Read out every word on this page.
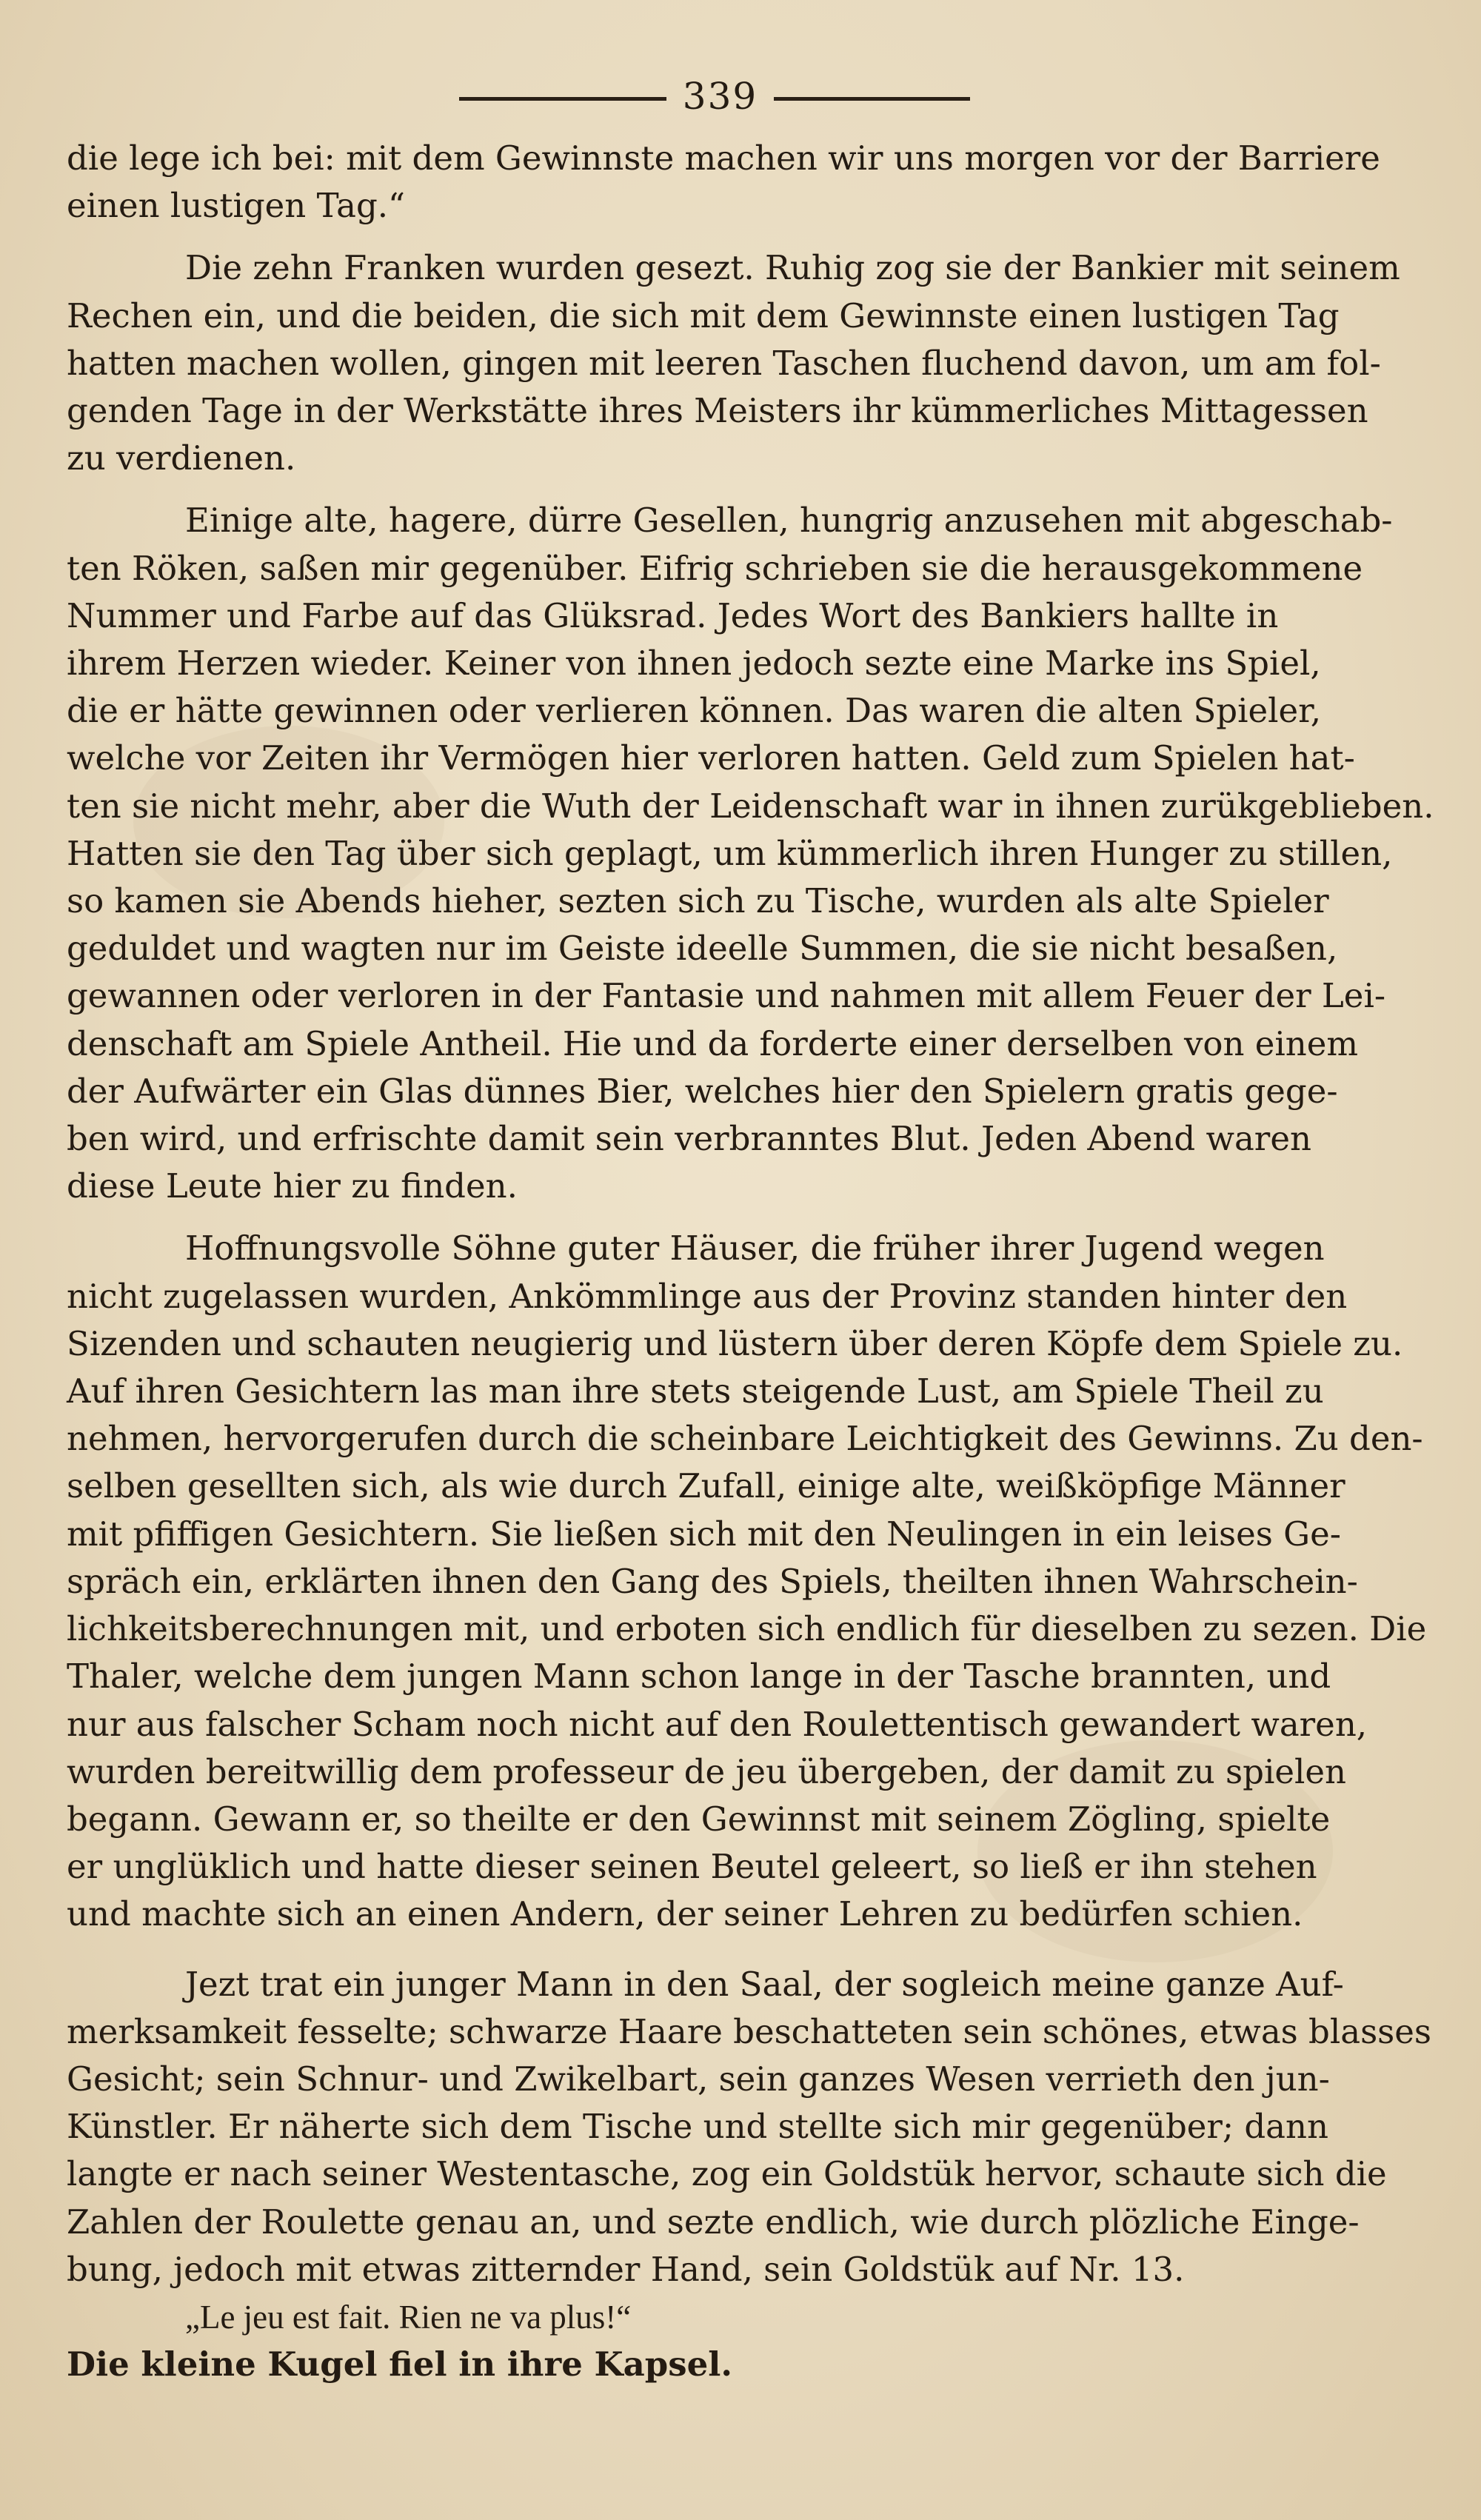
339

die lege ich bei: mit dem Gewinnste machen wir uns morgen vor der Barriere
einen lustigen Tag.“

Die zehn Franken wurden gesezt. Ruhig zog sie der Bankier mit seinem
Rechen ein, und die beiden, die sich mit dem Gewinnste einen lustigen Tag
hatten machen wollen, gingen mit leeren Taschen fluchend davon, um am fol-
genden Tage in der Werkstätte ihres Meisters ihr kümmerliches Mittagessen
zu verdienen.

Einige alte, hagere, dürre Gesellen, hungrig anzusehen mit abgeschab-
ten Röken, saßen mir gegenüber. Eifrig schrieben sie die herausgekommene
Nummer und Farbe auf das Glüksrad. Jedes Wort des Bankiers hallte in
ihrem Herzen wieder. Keiner von ihnen jedoch sezte eine Marke ins Spiel,
die er hätte gewinnen oder verlieren können. Das waren die alten Spieler,
welche vor Zeiten ihr Vermögen hier verloren hatten. Geld zum Spielen hat-
ten sie nicht mehr, aber die Wuth der Leidenschaft war in ihnen zurükgeblieben.
Hatten sie den Tag über sich geplagt, um kümmerlich ihren Hunger zu stillen,
so kamen sie Abends hieher, sezten sich zu Tische, wurden als alte Spieler
geduldet und wagten nur im Geiste ideelle Summen, die sie nicht besaßen,
gewannen oder verloren in der Fantasie und nahmen mit allem Feuer der Lei-
denschaft am Spiele Antheil. Hie und da forderte einer derselben von einem
der Aufwärter ein Glas dünnes Bier, welches hier den Spielern gratis gege-
ben wird, und erfrischte damit sein verbranntes Blut. Jeden Abend waren
diese Leute hier zu finden.

Hoffnungsvolle Söhne guter Häuser, die früher ihrer Jugend wegen
nicht zugelassen wurden, Ankömmlinge aus der Provinz standen hinter den
Sizenden und schauten neugierig und lüstern über deren Köpfe dem Spiele zu.
Auf ihren Gesichtern las man ihre stets steigende Lust, am Spiele Theil zu
nehmen, hervorgerufen durch die scheinbare Leichtigkeit des Gewinns. Zu den-
selben gesellten sich, als wie durch Zufall, einige alte, weißköpfige Männer
mit pfiffigen Gesichtern. Sie ließen sich mit den Neulingen in ein leises Ge-
spräch ein, erklärten ihnen den Gang des Spiels, theilten ihnen Wahrschein-
lichkeitsberechnungen mit, und erboten sich endlich für dieselben zu sezen. Die
Thaler, welche dem jungen Mann schon lange in der Tasche brannten, und
nur aus falscher Scham noch nicht auf den Roulettentisch gewandert waren,
wurden bereitwillig dem professeur de jeu übergeben, der damit zu spielen
begann. Gewann er, so theilte er den Gewinnst mit seinem Zögling, spielte
er unglüklich und hatte dieser seinen Beutel geleert, so ließ er ihn stehen
und machte sich an einen Andern, der seiner Lehren zu bedürfen schien.

Jezt trat ein junger Mann in den Saal, der sogleich meine ganze Auf-
merksamkeit fesselte; schwarze Haare beschatteten sein schönes, etwas blasses
Gesicht; sein Schnur- und Zwikelbart, sein ganzes Wesen verrieth den jun-
Künstler. Er näherte sich dem Tische und stellte sich mir gegenüber; dann
langte er nach seiner Westentasche, zog ein Goldstük hervor, schaute sich die
Zahlen der Roulette genau an, und sezte endlich, wie durch plözliche Einge-
bung, jedoch mit etwas zitternder Hand, sein Goldstük auf Nr. 13.

„Le jeu est fait. Rien ne va plus!“

Die kleine Kugel fiel in ihre Kapsel.
